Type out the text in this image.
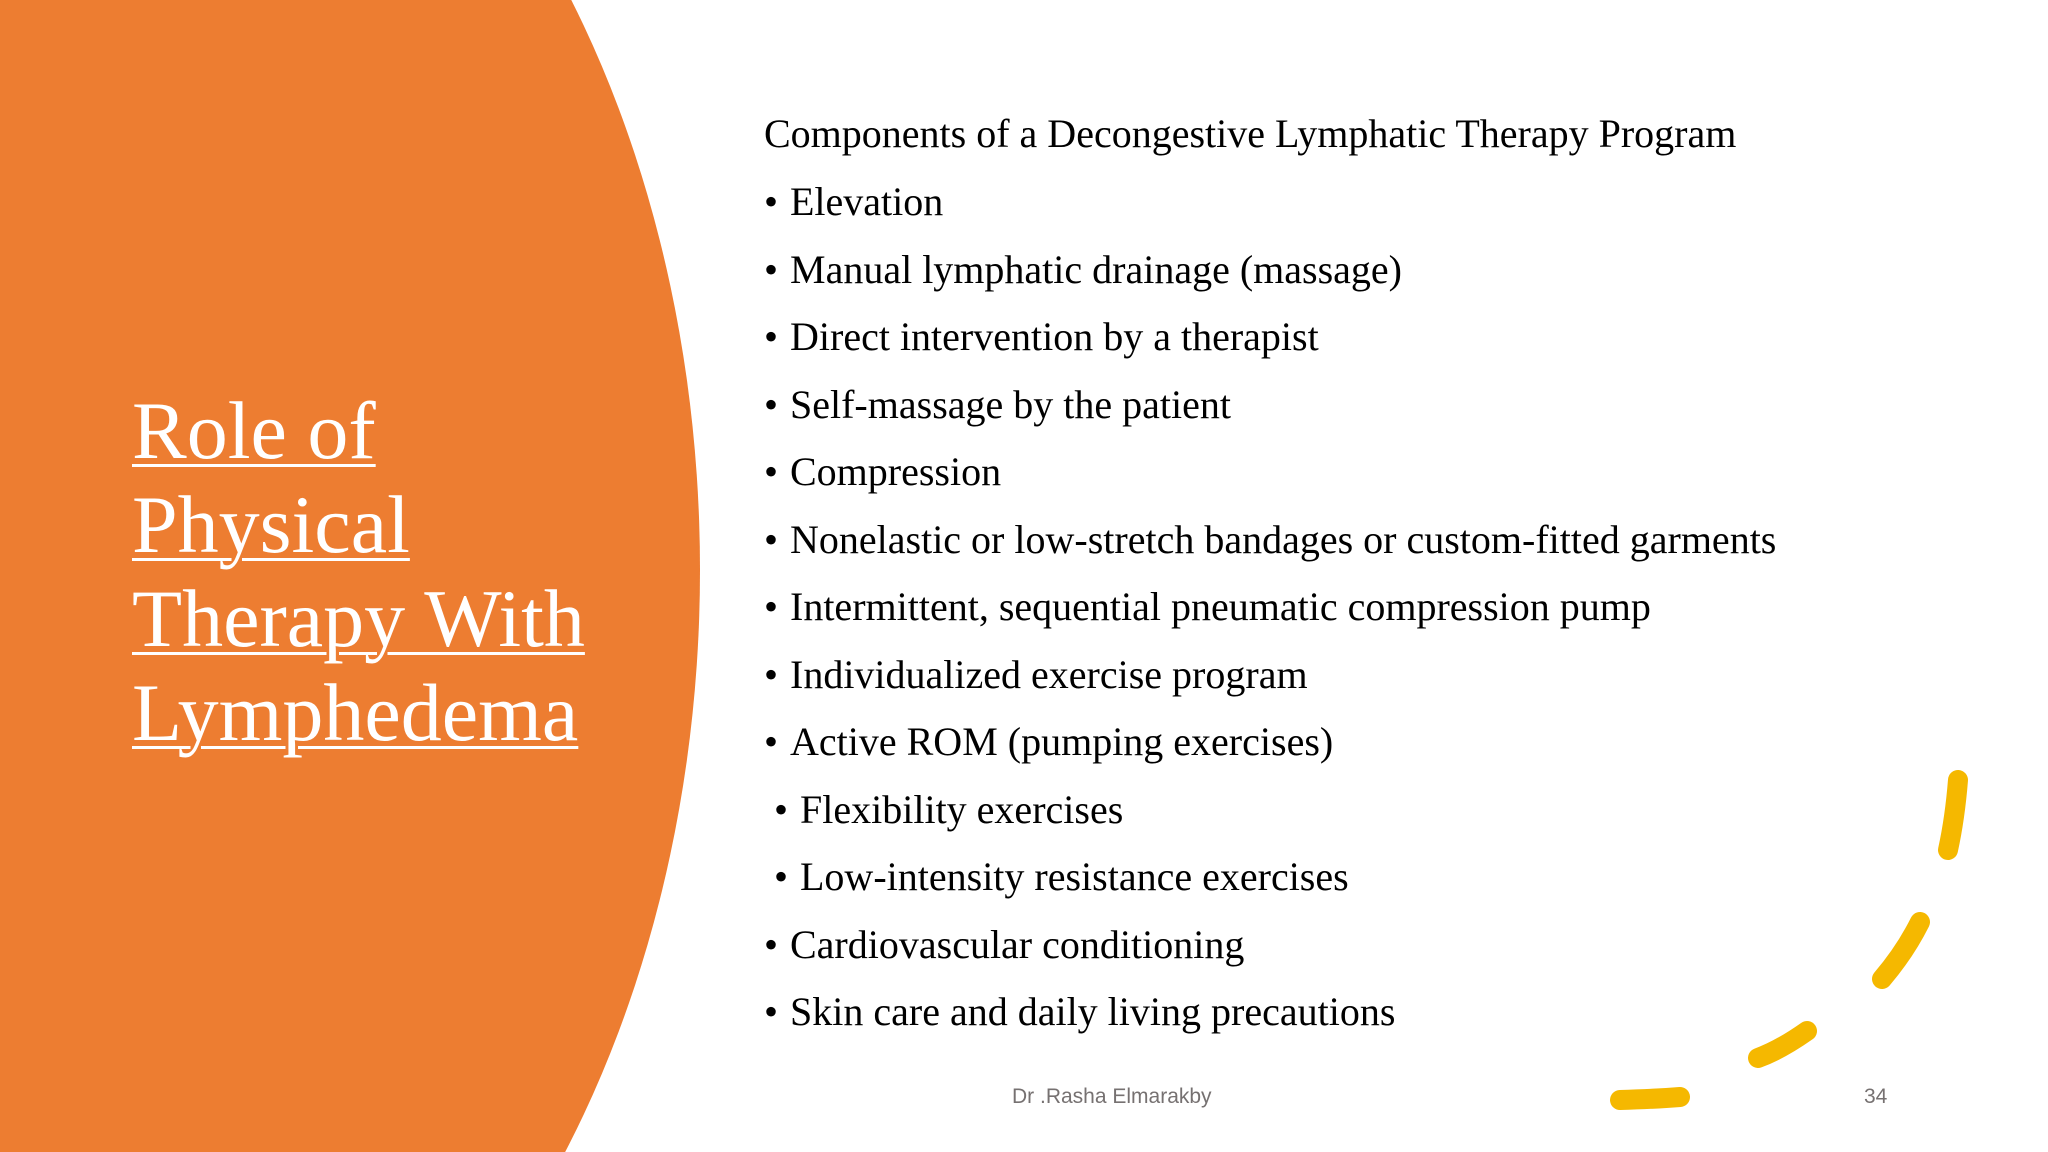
Role of
Physical
Therapy With
Lymphedema

Components of a Decongestive Lymphatic Therapy Program

• Elevation
• Manual lymphatic drainage (massage)
• Direct intervention by a therapist
• Self-massage by the patient
• Compression
• Nonelastic or low-stretch bandages or custom-fitted garments
• Intermittent, sequential pneumatic compression pump
• Individualized exercise program
• Active ROM (pumping exercises)
• Flexibility exercises
• Low-intensity resistance exercises
• Cardiovascular conditioning
• Skin care and daily living precautions
Dr .Rasha Elmarakby	34
